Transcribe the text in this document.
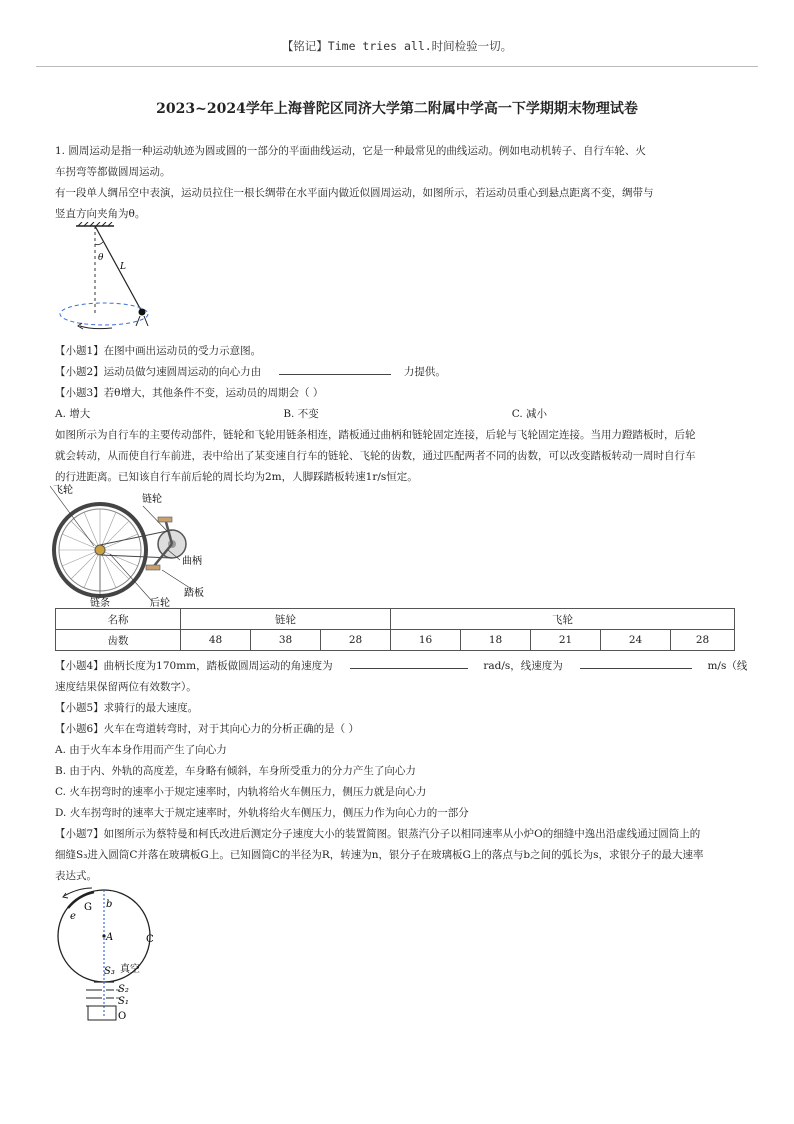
【铭记】Time tries all.时间检验一切。
2023~2024学年上海普陀区同济大学第二附属中学高一下学期期末物理试卷
1. 圆周运动是指一种运动轨迹为圆或圆的一部分的平面曲线运动，它是一种最常见的曲线运动。例如电动机转子、自行车轮、火
车拐弯等都做圆周运动。
有一段单人绸吊空中表演，运动员拉住一根长绸带在水平面内做近似圆周运动，如图所示，若运动员重心到悬点距离不变，绸带与
竖直方向夹角为θ。
θ
L
【小题1】在图中画出运动员的受力示意图。
【小题2】运动员做匀速圆周运动的向心力由	力提供。
【小题3】若θ增大，其他条件不变，运动员的周期会（ ）
A. 增大	B. 不变	C. 减小
如图所示为自行车的主要传动部件，链轮和飞轮用链条相连，踏板通过曲柄和链轮固定连接，后轮与飞轮固定连接。当用力蹬踏板时，后轮
就会转动，从而使自行车前进，表中给出了某变速自行车的链轮、飞轮的齿数，通过匹配两者不同的齿数，可以改变踏板转动一周时自行车
的行进距离。已知该自行车前后轮的周长均为2m，人脚踩踏板转速1r/s恒定。
飞轮
链轮
曲柄
踏板
链条	后轮
名称	链轮			飞轮				
齿数	48	38	28	16	18	21	24	28
【小题4】曲柄长度为170mm，踏板做圆周运动的角速度为	rad/s，线速度为	m/s（线
速度结果保留两位有效数字）。
【小题5】求骑行的最大速度。
【小题6】火车在弯道转弯时，对于其向心力的分析正确的是（ ）
A. 由于火车本身作用而产生了向心力
B. 由于内、外轨的高度差，车身略有倾斜，车身所受重力的分力产生了向心力
C. 火车拐弯时的速率小于规定速率时，内轨将给火车侧压力，侧压力就是向心力
D. 火车拐弯时的速率大于规定速率时，外轨将给火车侧压力，侧压力作为向心力的一部分
【小题7】如图所示为蔡特曼和柯氏改进后测定分子速度大小的装置简图。银蒸汽分子以相同速率从小炉O的细缝中逸出沿虚线通过圆筒上的
细缝S₃进入圆筒C并落在玻璃板G上。已知圆筒C的半径为R，转速为n，银分子在玻璃板G上的落点与b之间的弧长为s，求银分子的最大速率
表达式。
e
G b
A	C
S₃ 真空
S₂
S₁
O
